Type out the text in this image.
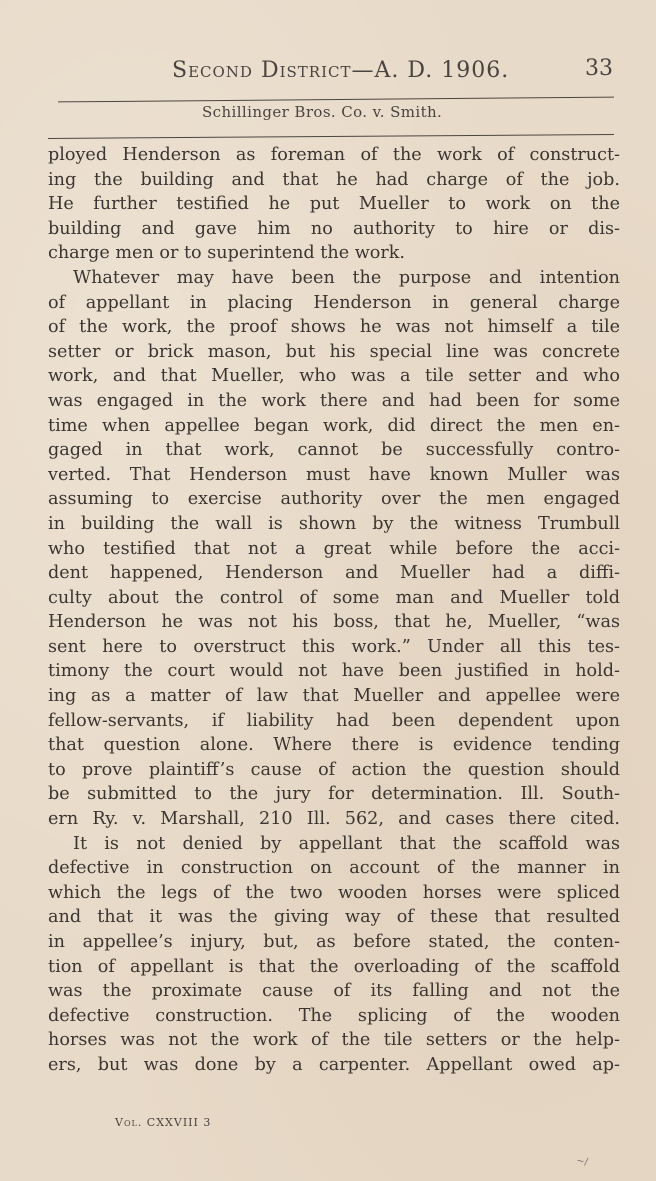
Second District—A. D. 1906.	33
Schillinger Bros. Co. v. Smith.
ployed Henderson as foreman of the work of construct-
ing the building and that he had charge of the job.
He further testified he put Mueller to work on the
building and gave him no authority to hire or dis-
charge men or to superintend the work.
Whatever may have been the purpose and intention
of appellant in placing Henderson in general charge
of the work, the proof shows he was not himself a tile
setter or brick mason, but his special line was concrete
work, and that Mueller, who was a tile setter and who
was engaged in the work there and had been for some
time when appellee began work, did direct the men en-
gaged in that work, cannot be successfully contro-
verted. That Henderson must have known Muller was
assuming to exercise authority over the men engaged
in building the wall is shown by the witness Trumbull
who testified that not a great while before the acci-
dent happened, Henderson and Mueller had a diffi-
culty about the control of some man and Mueller told
Henderson he was not his boss, that he, Mueller, “was
sent here to overstruct this work.” Under all this tes-
timony the court would not have been justified in hold-
ing as a matter of law that Mueller and appellee were
fellow-servants, if liability had been dependent upon
that question alone. Where there is evidence tending
to prove plaintiff’s cause of action the question should
be submitted to the jury for determination. Ill. South-
ern Ry. v. Marshall, 210 Ill. 562, and cases there cited.
It is not denied by appellant that the scaffold was
defective in construction on account of the manner in
which the legs of the two wooden horses were spliced
and that it was the giving way of these that resulted
in appellee’s injury, but, as before stated, the conten-
tion of appellant is that the overloading of the scaffold
was the proximate cause of its falling and not the
defective construction. The splicing of the wooden
horses was not the work of the tile setters or the help-
ers, but was done by a carpenter. Appellant owed ap-
Vol. CXXVIII 3
~/
